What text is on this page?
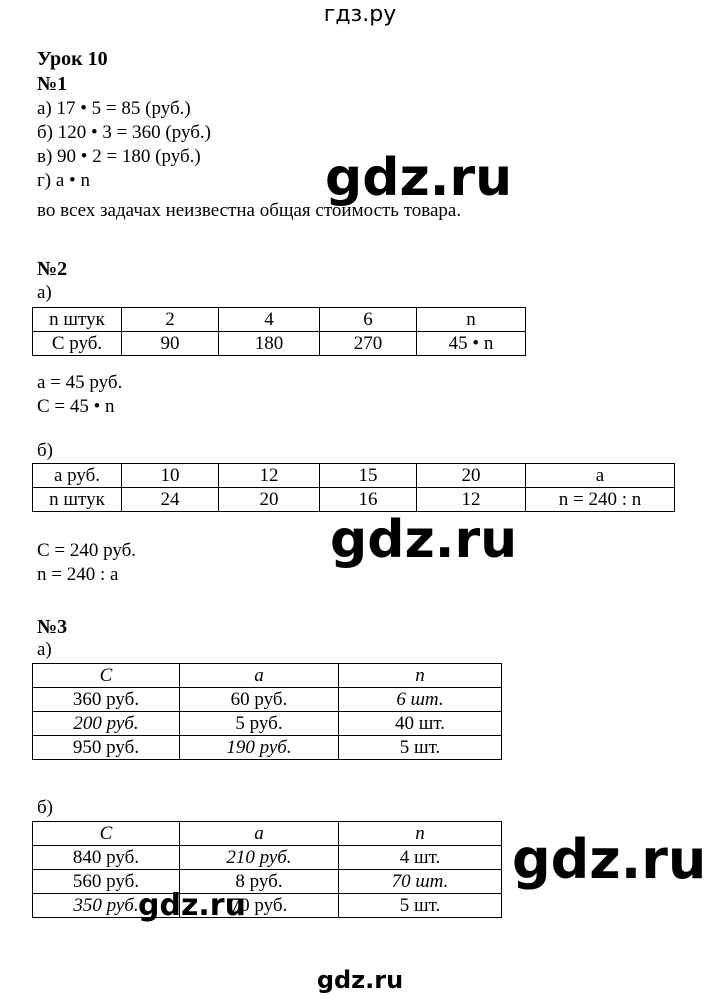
гдз.ру
gdz.ru
gdz.ru
gdz.ru
Урок 10
№1
а) 17 • 5 = 85 (руб.)
б) 120 • 3 = 360 (руб.)
в) 90 • 2 = 180 (руб.)
г) a • n
во всех задачах неизвестна общая стоимость товара.
№2
а)
n штук	2	4	6	n
C руб.	90	180	270	45 • n
a = 45 руб.
C = 45 • n
б)
a руб.	10	12	15	20	a
n штук	24	20	16	12	n = 240 : n
C = 240 руб.
n = 240 : a
№3
а)
C	a	n
360 руб.	60 руб.	6 шт.
200 руб.	5 руб.	40 шт.
950 руб.	190 руб.	5 шт.
б)
C	a	n
840 руб.	210 руб.	4 шт.
560 руб.	8 руб.	70 шт.
350 руб.	70 руб.	5 шт.
gdz.ru
gdz.ru
